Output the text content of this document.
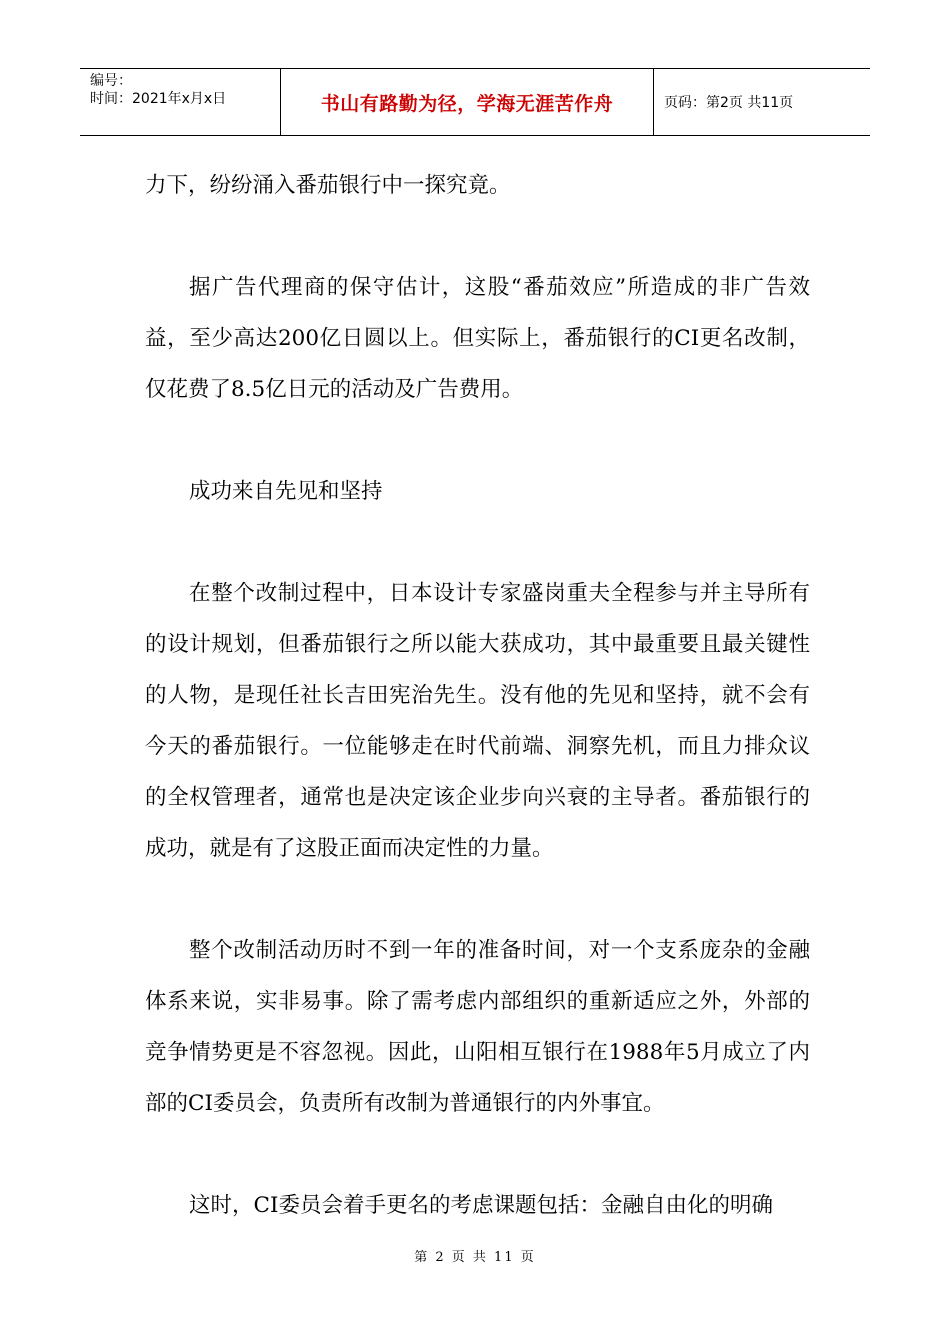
编号：
时间：2021年x月x日	书山有路勤为径，学海无涯苦作舟	页码：第2页 共11页

力下，纷纷涌入番茄银行中一探究竟。

据广告代理商的保守估计，这股“番茄效应”所造成的非广告效益，至少高达200亿日圆以上。但实际上，番茄银行的CI更名改制，仅花费了8.5亿日元的活动及广告费用。

成功来自先见和坚持

在整个改制过程中，日本设计专家盛岗重夫全程参与并主导所有的设计规划，但番茄银行之所以能大获成功，其中最重要且最关键性的人物，是现任社长吉田宪治先生。没有他的先见和坚持，就不会有今天的番茄银行。一位能够走在时代前端、洞察先机，而且力排众议的全权管理者，通常也是决定该企业步向兴衰的主导者。番茄银行的成功，就是有了这股正面而决定性的力量。

整个改制活动历时不到一年的准备时间，对一个支系庞杂的金融体系来说，实非易事。除了需考虑内部组织的重新适应之外，外部的竞争情势更是不容忽视。因此，山阳相互银行在1988年5月成立了内部的CI委员会，负责所有改制为普通银行的内外事宜。

这时，CI委员会着手更名的考虑课题包括：金融自由化的明确

第 2 页 共 11 页
